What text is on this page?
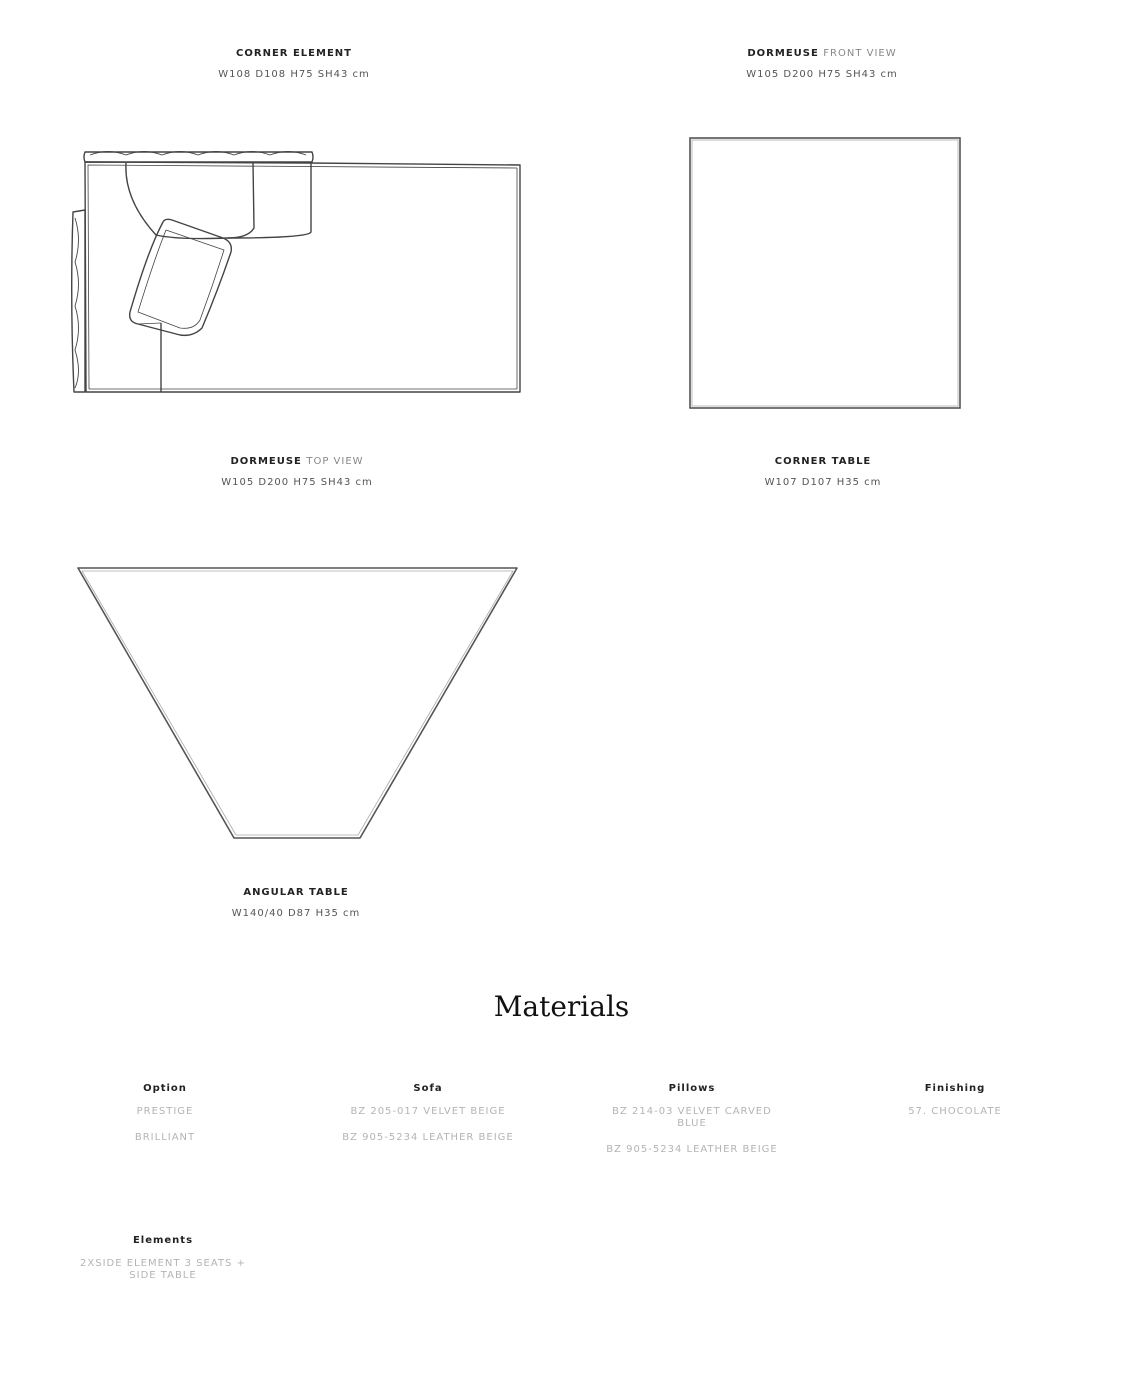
CORNER ELEMENT
W108 D108 H75 SH43 cm
DORMEUSE FRONT VIEW
W105 D200 H75 SH43 cm
DORMEUSE TOP VIEW
W105 D200 H75 SH43 cm
CORNER TABLE
W107 D107 H35 cm
ANGULAR TABLE
W140/40 D87 H35 cm
Materials
Option
PRESTIGE
BRILLIANT
Sofa
BZ 205-017 VELVET BEIGE
BZ 905-5234 LEATHER BEIGE
Pillows
BZ 214-03 VELVET CARVED BLUE
BZ 905-5234 LEATHER BEIGE
Finishing
57. CHOCOLATE
Elements
2XSIDE ELEMENT 3 SEATS + SIDE TABLE
